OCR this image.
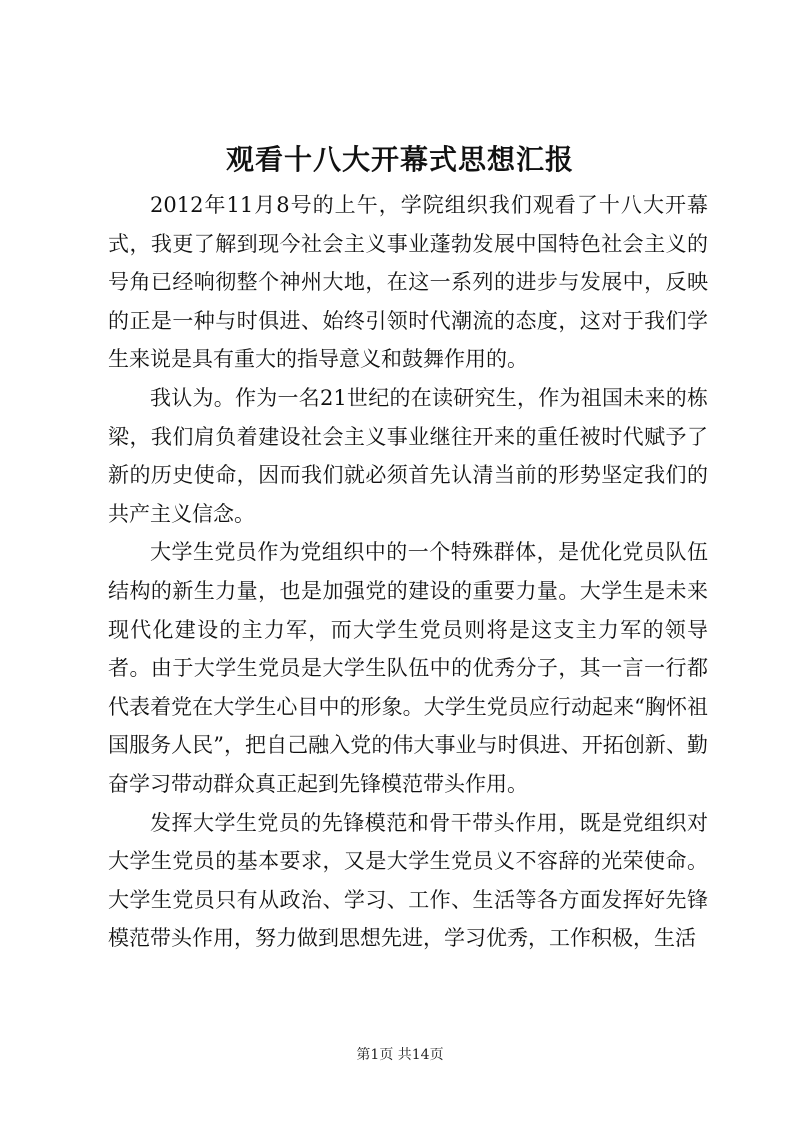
观看十八大开幕式思想汇报

2012年11月8号的上午，学院组织我们观看了十八大开幕式，我更了解到现今社会主义事业蓬勃发展中国特色社会主义的号角已经响彻整个神州大地，在这一系列的进步与发展中，反映的正是一种与时俱进、始终引领时代潮流的态度，这对于我们学生来说是具有重大的指导意义和鼓舞作用的。

我认为。作为一名21世纪的在读研究生，作为祖国未来的栋梁，我们肩负着建设社会主义事业继往开来的重任被时代赋予了新的历史使命，因而我们就必须首先认清当前的形势坚定我们的共产主义信念。

大学生党员作为党组织中的一个特殊群体，是优化党员队伍结构的新生力量，也是加强党的建设的重要力量。大学生是未来现代化建设的主力军，而大学生党员则将是这支主力军的领导者。由于大学生党员是大学生队伍中的优秀分子，其一言一行都代表着党在大学生心目中的形象。大学生党员应行动起来“胸怀祖国服务人民”，把自己融入党的伟大事业与时俱进、开拓创新、勤奋学习带动群众真正起到先锋模范带头作用。

发挥大学生党员的先锋模范和骨干带头作用，既是党组织对大学生党员的基本要求，又是大学生党员义不容辞的光荣使命。大学生党员只有从政治、学习、工作、生活等各方面发挥好先锋模范带头作用，努力做到思想先进，学习优秀，工作积极，生活

第1页 共14页
